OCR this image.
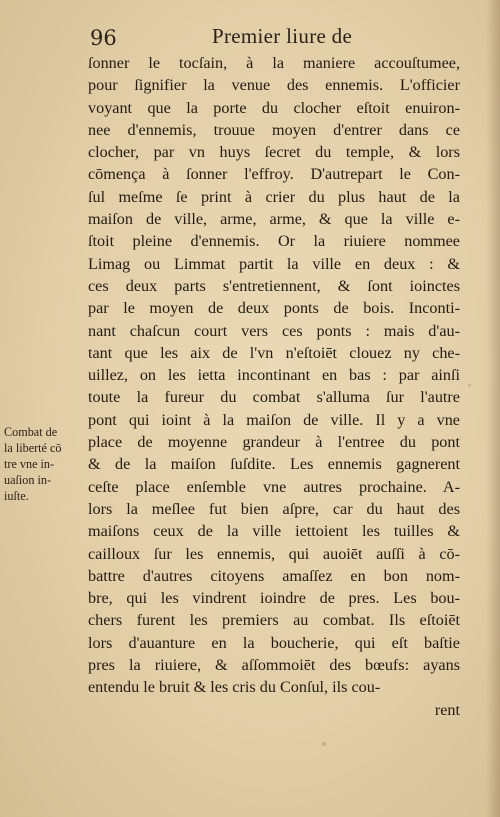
96	Premier liure de
Combat de
la liberté cō
tre vne in-
uaſion in-
iuſte.
ſonner le tocſain, à la maniere accouſtumee,
pour ſignifier la venue des ennemis. L'officier
voyant que la porte du clocher eſtoit enuiron-
nee d'ennemis, trouue moyen d'entrer dans ce
clocher, par vn huys ſecret du temple, & lors
cōmença à ſonner l'effroy. D'autrepart le Con-
ſul meſme ſe print à crier du plus haut de la
maiſon de ville, arme, arme, & que la ville e-
ſtoit pleine d'ennemis. Or la riuiere nommee
Limag ou Limmat partit la ville en deux : &
ces deux parts s'entretiennent, & ſont ioinctes
par le moyen de deux ponts de bois. Inconti-
nant chaſcun court vers ces ponts : mais d'au-
tant que les aix de l'vn n'eſtoiēt clouez ny che-
uillez, on les ietta incontinant en bas : par ainſi
toute la fureur du combat s'alluma ſur l'autre
pont qui ioint à la maiſon de ville. Il y a vne
place de moyenne grandeur à l'entree du pont
& de la maiſon ſuſdite. Les ennemis gagnerent
ceſte place enſemble vne autres prochaine. A-
lors la meſlee fut bien aſpre, car du haut des
maiſons ceux de la ville iettoient les tuilles &
cailloux ſur les ennemis, qui auoiēt auſſi à cō-
battre d'autres citoyens amaſſez en bon nom-
bre, qui les vindrent ioindre de pres. Les bou-
chers furent les premiers au combat. Ils eſtoiēt
lors d'auanture en la boucherie, qui eſt baſtie
pres la riuiere, & aſſommoiēt des bœufs: ayans
entendu le bruit & les cris du Conſul, ils cou-
rent
